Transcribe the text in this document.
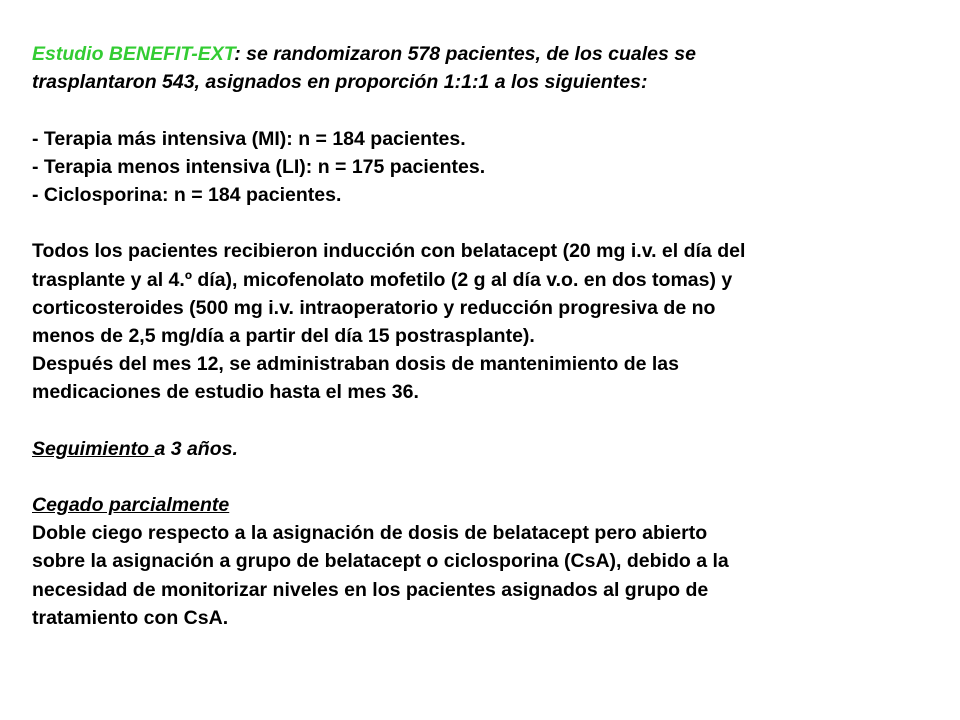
Estudio BENEFIT-EXT: se randomizaron 578 pacientes, de los cuales se
trasplantaron 543, asignados en proporción 1:1:1 a los siguientes:
- Terapia más intensiva (MI): n = 184 pacientes.
- Terapia menos intensiva (LI): n = 175 pacientes.
- Ciclosporina: n = 184 pacientes.
Todos los pacientes recibieron inducción con belatacept (20 mg i.v. el día del
trasplante y al 4.º día), micofenolato mofetilo (2 g al día v.o. en dos tomas) y
corticosteroides (500 mg i.v. intraoperatorio y reducción progresiva de no
menos de 2,5 mg/día a partir del día 15 postrasplante).
Después del mes 12, se administraban dosis de mantenimiento de las
medicaciones de estudio hasta el mes 36.
Seguimiento a 3 años.
Cegado parcialmente
Doble ciego respecto a la asignación de dosis de belatacept pero abierto
sobre la asignación a grupo de belatacept o ciclosporina (CsA), debido a la
necesidad de monitorizar niveles en los pacientes asignados al grupo de
tratamiento con CsA.
